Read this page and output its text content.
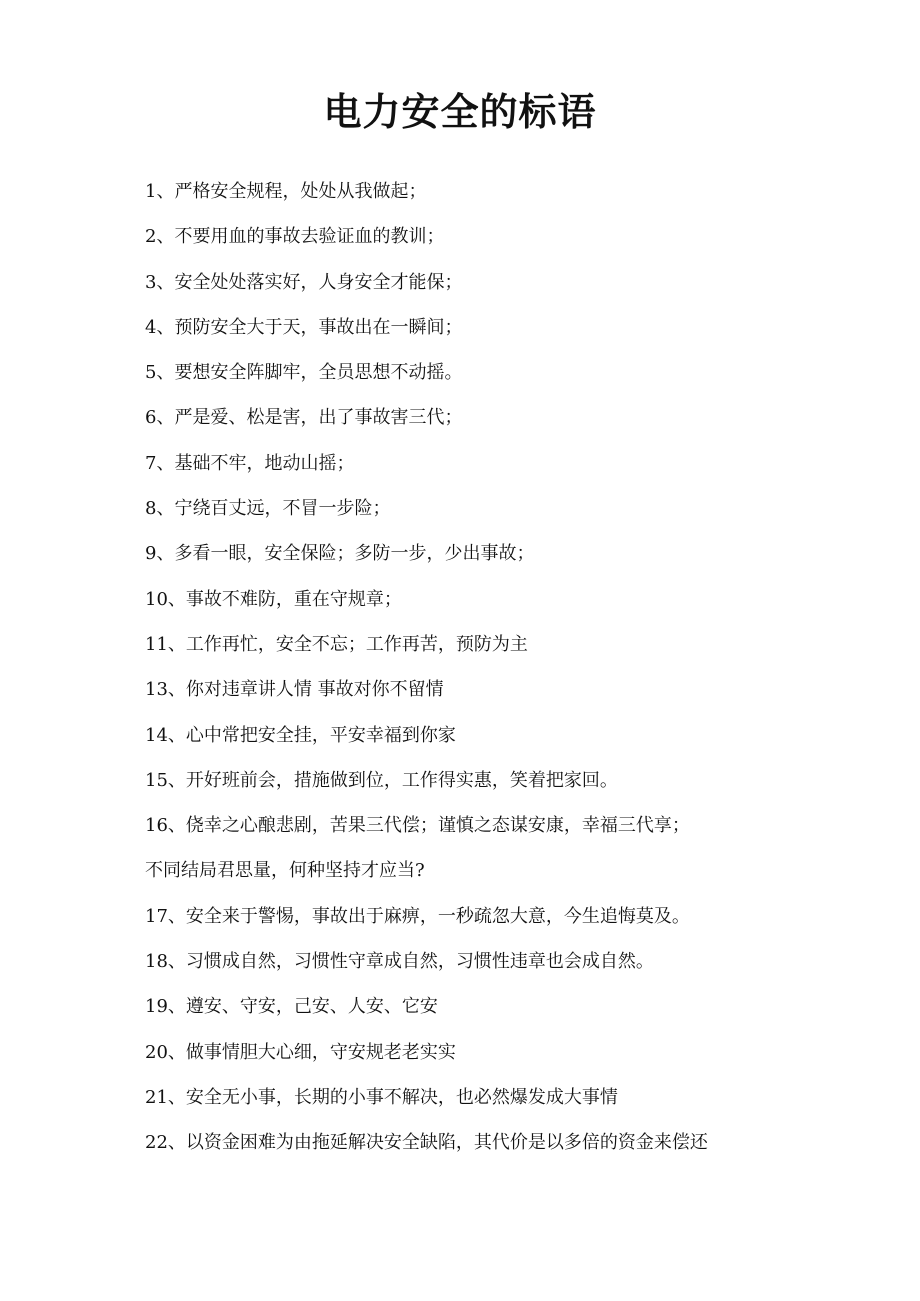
电力安全的标语
1、严格安全规程，处处从我做起；
2、不要用血的事故去验证血的教训；
3、安全处处落实好，人身安全才能保；
4、预防安全大于天，事故出在一瞬间；
5、要想安全阵脚牢，全员思想不动摇。
6、严是爱、松是害，出了事故害三代；
7、基础不牢，地动山摇；
8、宁绕百丈远，不冒一步险；
9、多看一眼，安全保险；多防一步，少出事故；
10、事故不难防，重在守规章；
11、工作再忙，安全不忘；工作再苦，预防为主
13、你对违章讲人情 事故对你不留情
14、心中常把安全挂，平安幸福到你家
15、开好班前会，措施做到位，工作得实惠，笑着把家回。
16、侥幸之心酿悲剧，苦果三代偿；谨慎之态谋安康，幸福三代享；
不同结局君思量，何种坚持才应当?
17、安全来于警惕，事故出于麻痹，一秒疏忽大意，今生追悔莫及。
18、习惯成自然，习惯性守章成自然，习惯性违章也会成自然。
19、遵安、守安，己安、人安、它安
20、做事情胆大心细，守安规老老实实
21、安全无小事，长期的小事不解决，也必然爆发成大事情
22、以资金困难为由拖延解决安全缺陷，其代价是以多倍的资金来偿还
